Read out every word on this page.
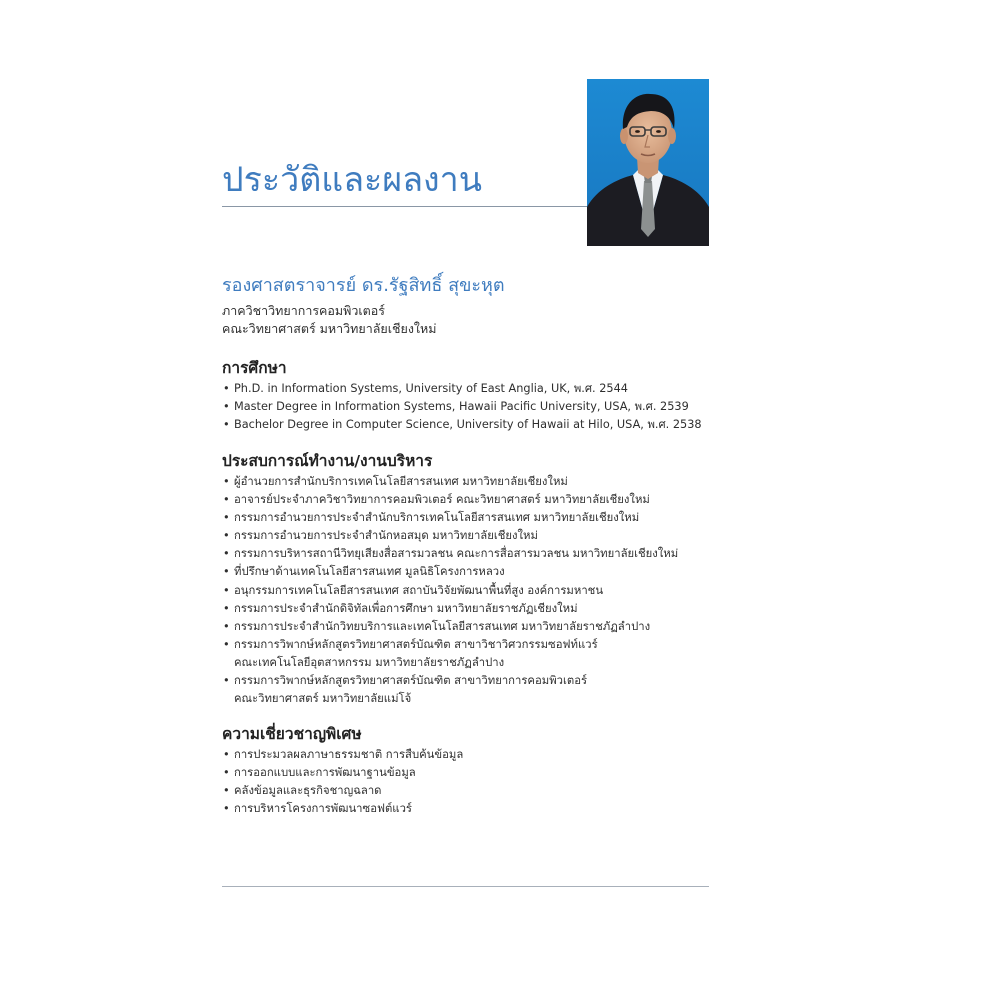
ประวัติและผลงาน
รองศาสตราจารย์ ดร.รัฐสิทธิ์ สุขะหุต
ภาควิชาวิทยาการคอมพิวเตอร์
คณะวิทยาศาสตร์ มหาวิทยาลัยเชียงใหม่
การศึกษา
• Ph.D. in Information Systems, University of East Anglia, UK, พ.ศ. 2544
• Master Degree in Information Systems, Hawaii Pacific University, USA, พ.ศ. 2539
• Bachelor Degree in Computer Science, University of Hawaii at Hilo, USA, พ.ศ. 2538
ประสบการณ์ทำงาน/งานบริหาร
• ผู้อำนวยการสำนักบริการเทคโนโลยีสารสนเทศ มหาวิทยาลัยเชียงใหม่
• อาจารย์ประจำภาควิชาวิทยาการคอมพิวเตอร์ คณะวิทยาศาสตร์ มหาวิทยาลัยเชียงใหม่
• กรรมการอำนวยการประจำสำนักบริการเทคโนโลยีสารสนเทศ มหาวิทยาลัยเชียงใหม่
• กรรมการอำนวยการประจำสำนักหอสมุด มหาวิทยาลัยเชียงใหม่
• กรรมการบริหารสถานีวิทยุเสียงสื่อสารมวลชน คณะการสื่อสารมวลชน มหาวิทยาลัยเชียงใหม่
• ที่ปรึกษาด้านเทคโนโลยีสารสนเทศ มูลนิธิโครงการหลวง
• อนุกรรมการเทคโนโลยีสารสนเทศ สถาบันวิจัยพัฒนาพื้นที่สูง องค์การมหาชน
• กรรมการประจำสำนักดิจิทัลเพื่อการศึกษา มหาวิทยาลัยราชภัฏเชียงใหม่
• กรรมการประจำสำนักวิทยบริการและเทคโนโลยีสารสนเทศ มหาวิทยาลัยราชภัฏลำปาง
• กรรมการวิพากษ์หลักสูตรวิทยาศาสตร์บัณฑิต สาขาวิชาวิศวกรรมซอฟท์แวร์
คณะเทคโนโลยีอุตสาหกรรม มหาวิทยาลัยราชภัฏลำปาง
• กรรมการวิพากษ์หลักสูตรวิทยาศาสตร์บัณฑิต สาขาวิทยาการคอมพิวเตอร์
คณะวิทยาศาสตร์ มหาวิทยาลัยแม่โจ้
ความเชี่ยวชาญพิเศษ
• การประมวลผลภาษาธรรมชาติ การสืบค้นข้อมูล
• การออกแบบและการพัฒนาฐานข้อมูล
• คลังข้อมูลและธุรกิจชาญฉลาด
• การบริหารโครงการพัฒนาซอฟต์แวร์
